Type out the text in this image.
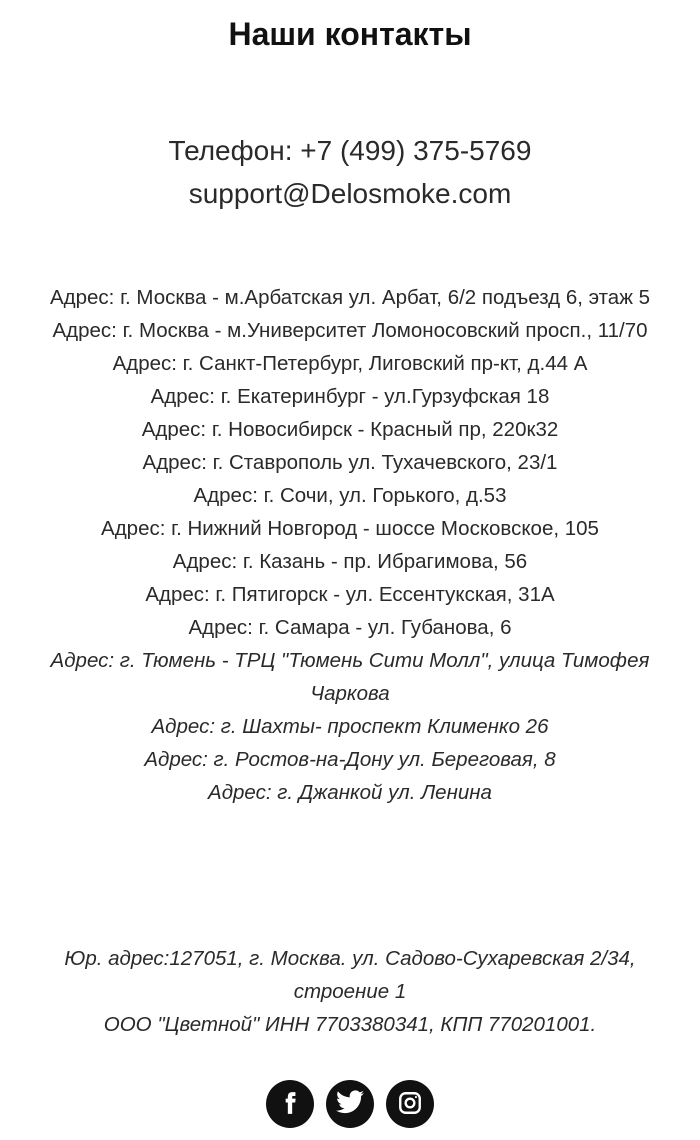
Наши контакты
Телефон: +7 (499) 375-5769
support@Delosmoke.com
Адрес: г. Москва - м.Арбатская ул. Арбат, 6/2 подъезд 6, этаж 5
Адрес: г. Москва - м.Университет Ломоносовский просп., 11/70
Адрес: г. Санкт-Петербург, Лиговский пр-кт, д.44 А
Адрес: г. Екатеринбург - ул.Гурзуфская 18
Адрес: г. Новосибирск - Красный пр, 220к32
Адрес: г. Ставрополь ул. Тухачевского, 23/1
Адрес: г. Сочи, ул. Горького, д.53
Адрес: г. Нижний Новгород - шоссе Московское, 105
Адрес: г. Казань - пр. Ибрагимова, 56
Адрес: г. Пятигорск - ул. Ессентукская, 31А
Адрес: г. Самара - ул. Губанова, 6
Адрес: г. Тюмень - ТРЦ "Тюмень Сити Молл", улица Тимофея Чаркова
Адрес: г. Шахты- проспект Клименко 26
Адрес: г. Ростов-на-Дону ул. Береговая, 8
Адрес: г. Джанкой ул. Ленина
Юр. адрес:127051, г. Москва. ул. Садово-Сухаревская 2/34, строение 1
ООО "Цветной" ИНН 7703380341, КПП 770201001.
